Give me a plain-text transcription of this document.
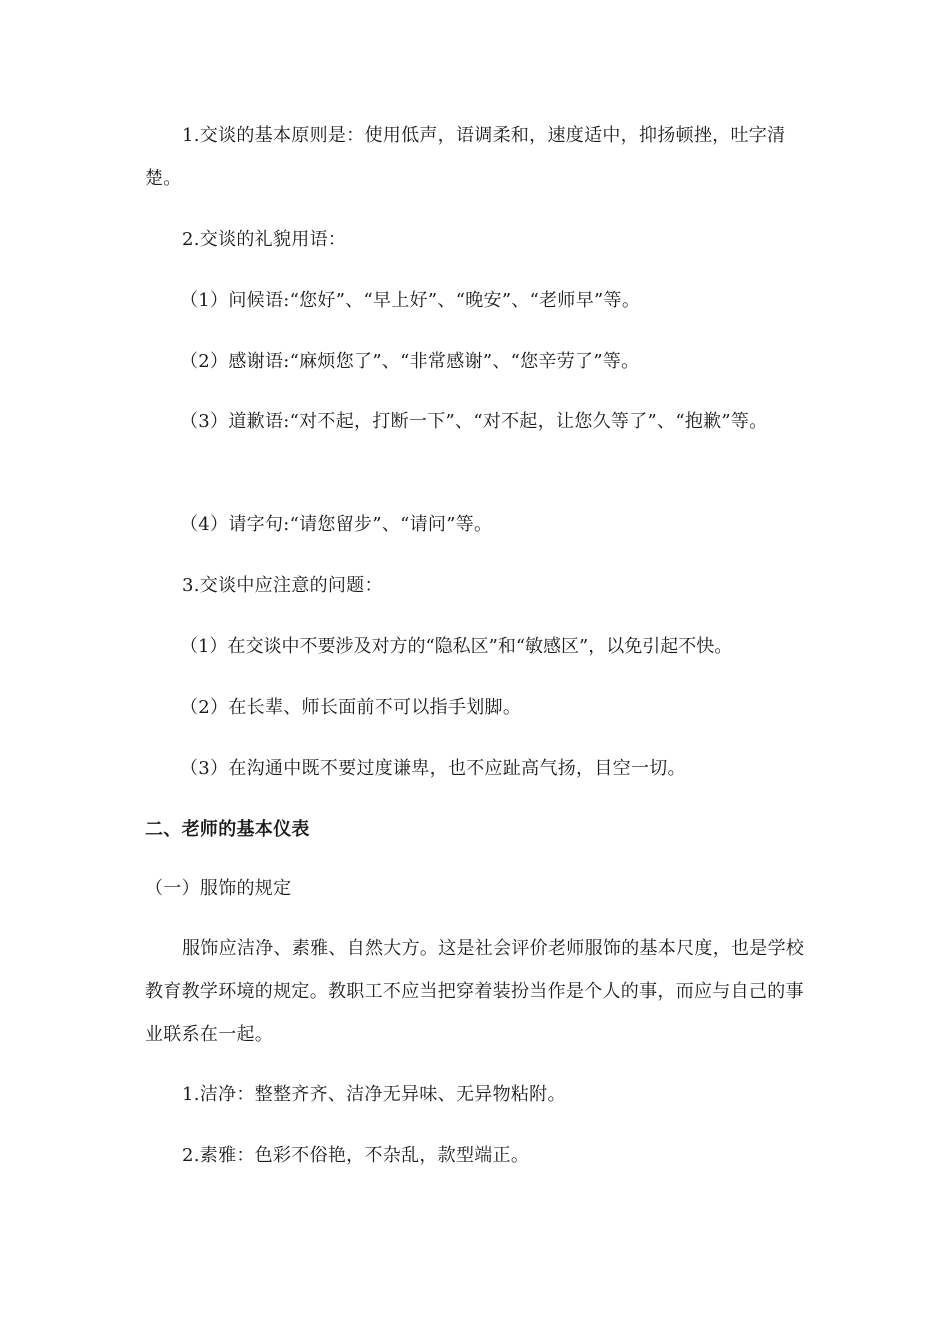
1.交谈的基本原则是：使用低声，语调柔和，速度适中，抑扬顿挫，吐字清楚。
2.交谈的礼貌用语：
（1）问候语:“您好”、“早上好”、“晚安”、“老师早”等。
（2）感谢语:“麻烦您了”、“非常感谢”、“您辛劳了”等。
（3）道歉语:“对不起，打断一下”、“对不起，让您久等了”、“抱歉”等。
（4）请字句:“请您留步”、“请问”等。
3.交谈中应注意的问题：
（1）在交谈中不要涉及对方的“隐私区”和“敏感区”，以免引起不快。
（2）在长辈、师长面前不可以指手划脚。
（3）在沟通中既不要过度谦卑，也不应趾高气扬，目空一切。
二、老师的基本仪表
（一）服饰的规定
服饰应洁净、素雅、自然大方。这是社会评价老师服饰的基本尺度，也是学校教育教学环境的规定。教职工不应当把穿着装扮当作是个人的事，而应与自己的事业联系在一起。
1.洁净：整整齐齐、洁净无异味、无异物粘附。
2.素雅：色彩不俗艳，不杂乱，款型端正。
